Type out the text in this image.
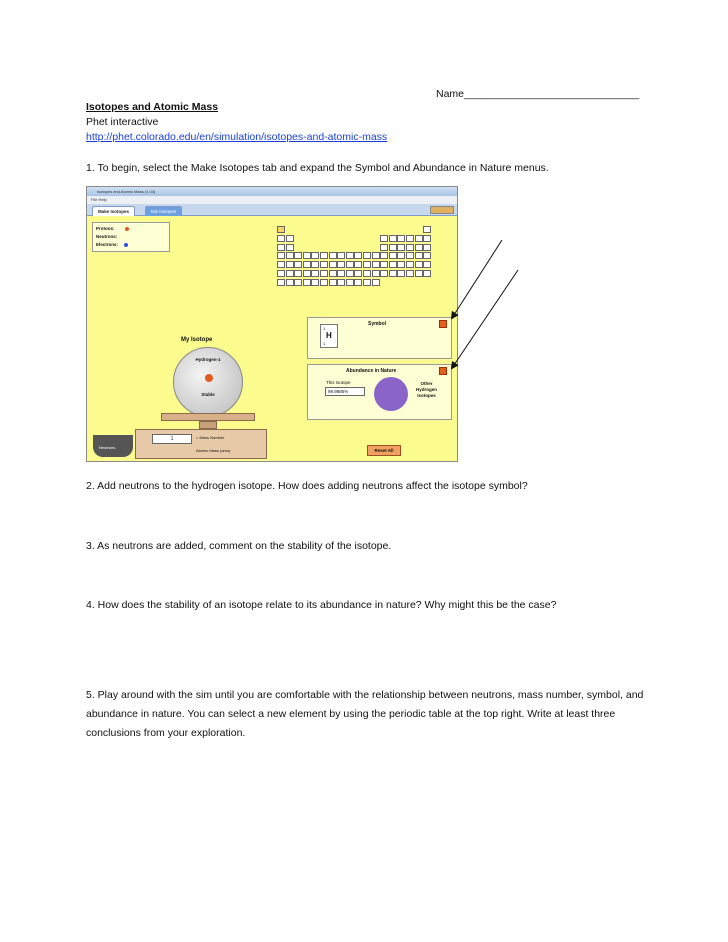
Name______________________________
Isotopes and Atomic Mass
Phet interactive
http://phet.colorado.edu/en/simulation/isotopes-and-atomic-mass
1. To begin, select the Make Isotopes tab and expand the Symbol and Abundance in Nature menus.
Isotopes and Atomic Mass (1.04)
File Help
Make Isotopes	Mix Isotopes
Protons:
Neutrons:
Electrons:
Symbol
1
H
1
Abundance in Nature
This Isotope
99.9885%
Other
Hydrogen
Isotopes
My Isotope
Hydrogen-1
Stable
1	= Mass Number
Atomic Mass (amu)
Neutrons
Reset All
2. Add neutrons to the hydrogen isotope. How does adding neutrons affect the isotope symbol?
3. As neutrons are added, comment on the stability of the isotope.
4. How does the stability of an isotope relate to its abundance in nature? Why might this be the case?
5. Play around with the sim until you are comfortable with the relationship between neutrons, mass number, symbol, and abundance in nature. You can select a new element by using the periodic table at the top right. Write at least three conclusions from your exploration.
